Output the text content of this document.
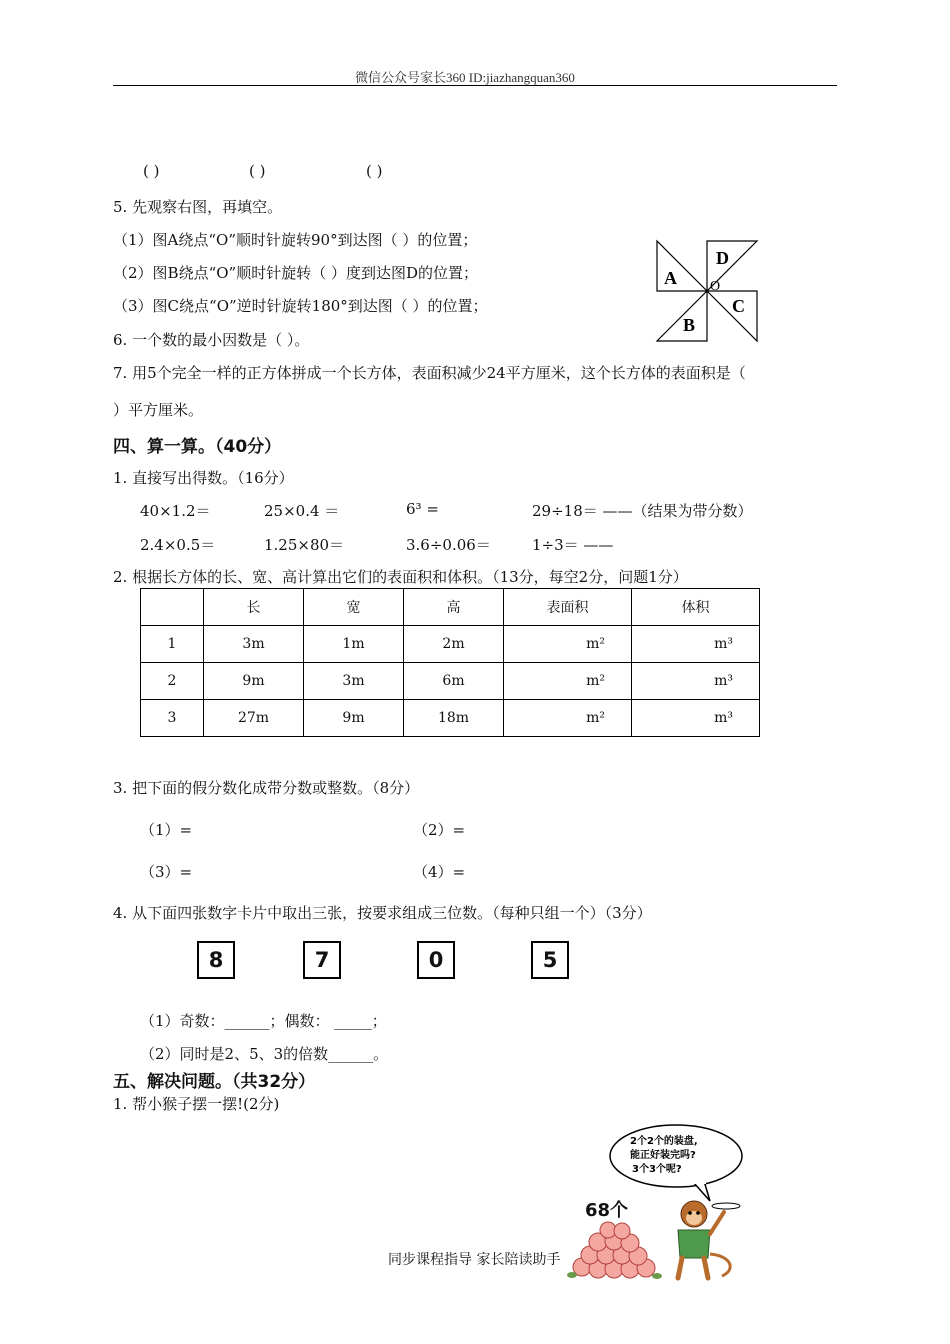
微信公众号家长360 ID:jiazhangquan360
( )	( )	( )
5. 先观察右图，再填空。
（1）图A绕点“O”顺时针旋转90°到达图（ ）的位置；
（2）图B绕点“O”顺时针旋转（ ）度到达图D的位置；
（3）图C绕点“O”逆时针旋转180°到达图（ ）的位置；
A
D
C
B
O
6. 一个数的最小因数是（ ）。
7. 用5个完全一样的正方体拼成一个长方体，表面积减少24平方厘米，这个长方体的表面积是（
）平方厘米。
四、算一算。（40分）
1. 直接写出得数。（16分）
40×1.2＝	25×0.4 ＝	6³ =	29÷18＝ ——（结果为带分数）
2.4×0.5＝	1.25×80＝	3.6÷0.06＝	1÷3＝ ——
2. 根据长方体的长、宽、高计算出它们的表面积和体积。（13分，每空2分，问题1分）
	长	宽	高	表面积	体积
1	3m	1m	2m	m²	m³
2	9m	3m	6m	m²	m³
3	27m	9m	18m	m²	m³
3. 把下面的假分数化成带分数或整数。（8分）
（1）=	（2）=
（3）=	（4）=
4. 从下面四张数字卡片中取出三张，按要求组成三位数。（每种只组一个）（3分）
8	7	0	5
（1）奇数：______；偶数： _____；
（2）同时是2、5、3的倍数______。
五、解决问题。（共32分）
1. 帮小猴子摆一摆!(2分)
2个2个的装盘,
能正好装完吗?
3个3个呢?
68个
同步课程指导 家长陪读助手
